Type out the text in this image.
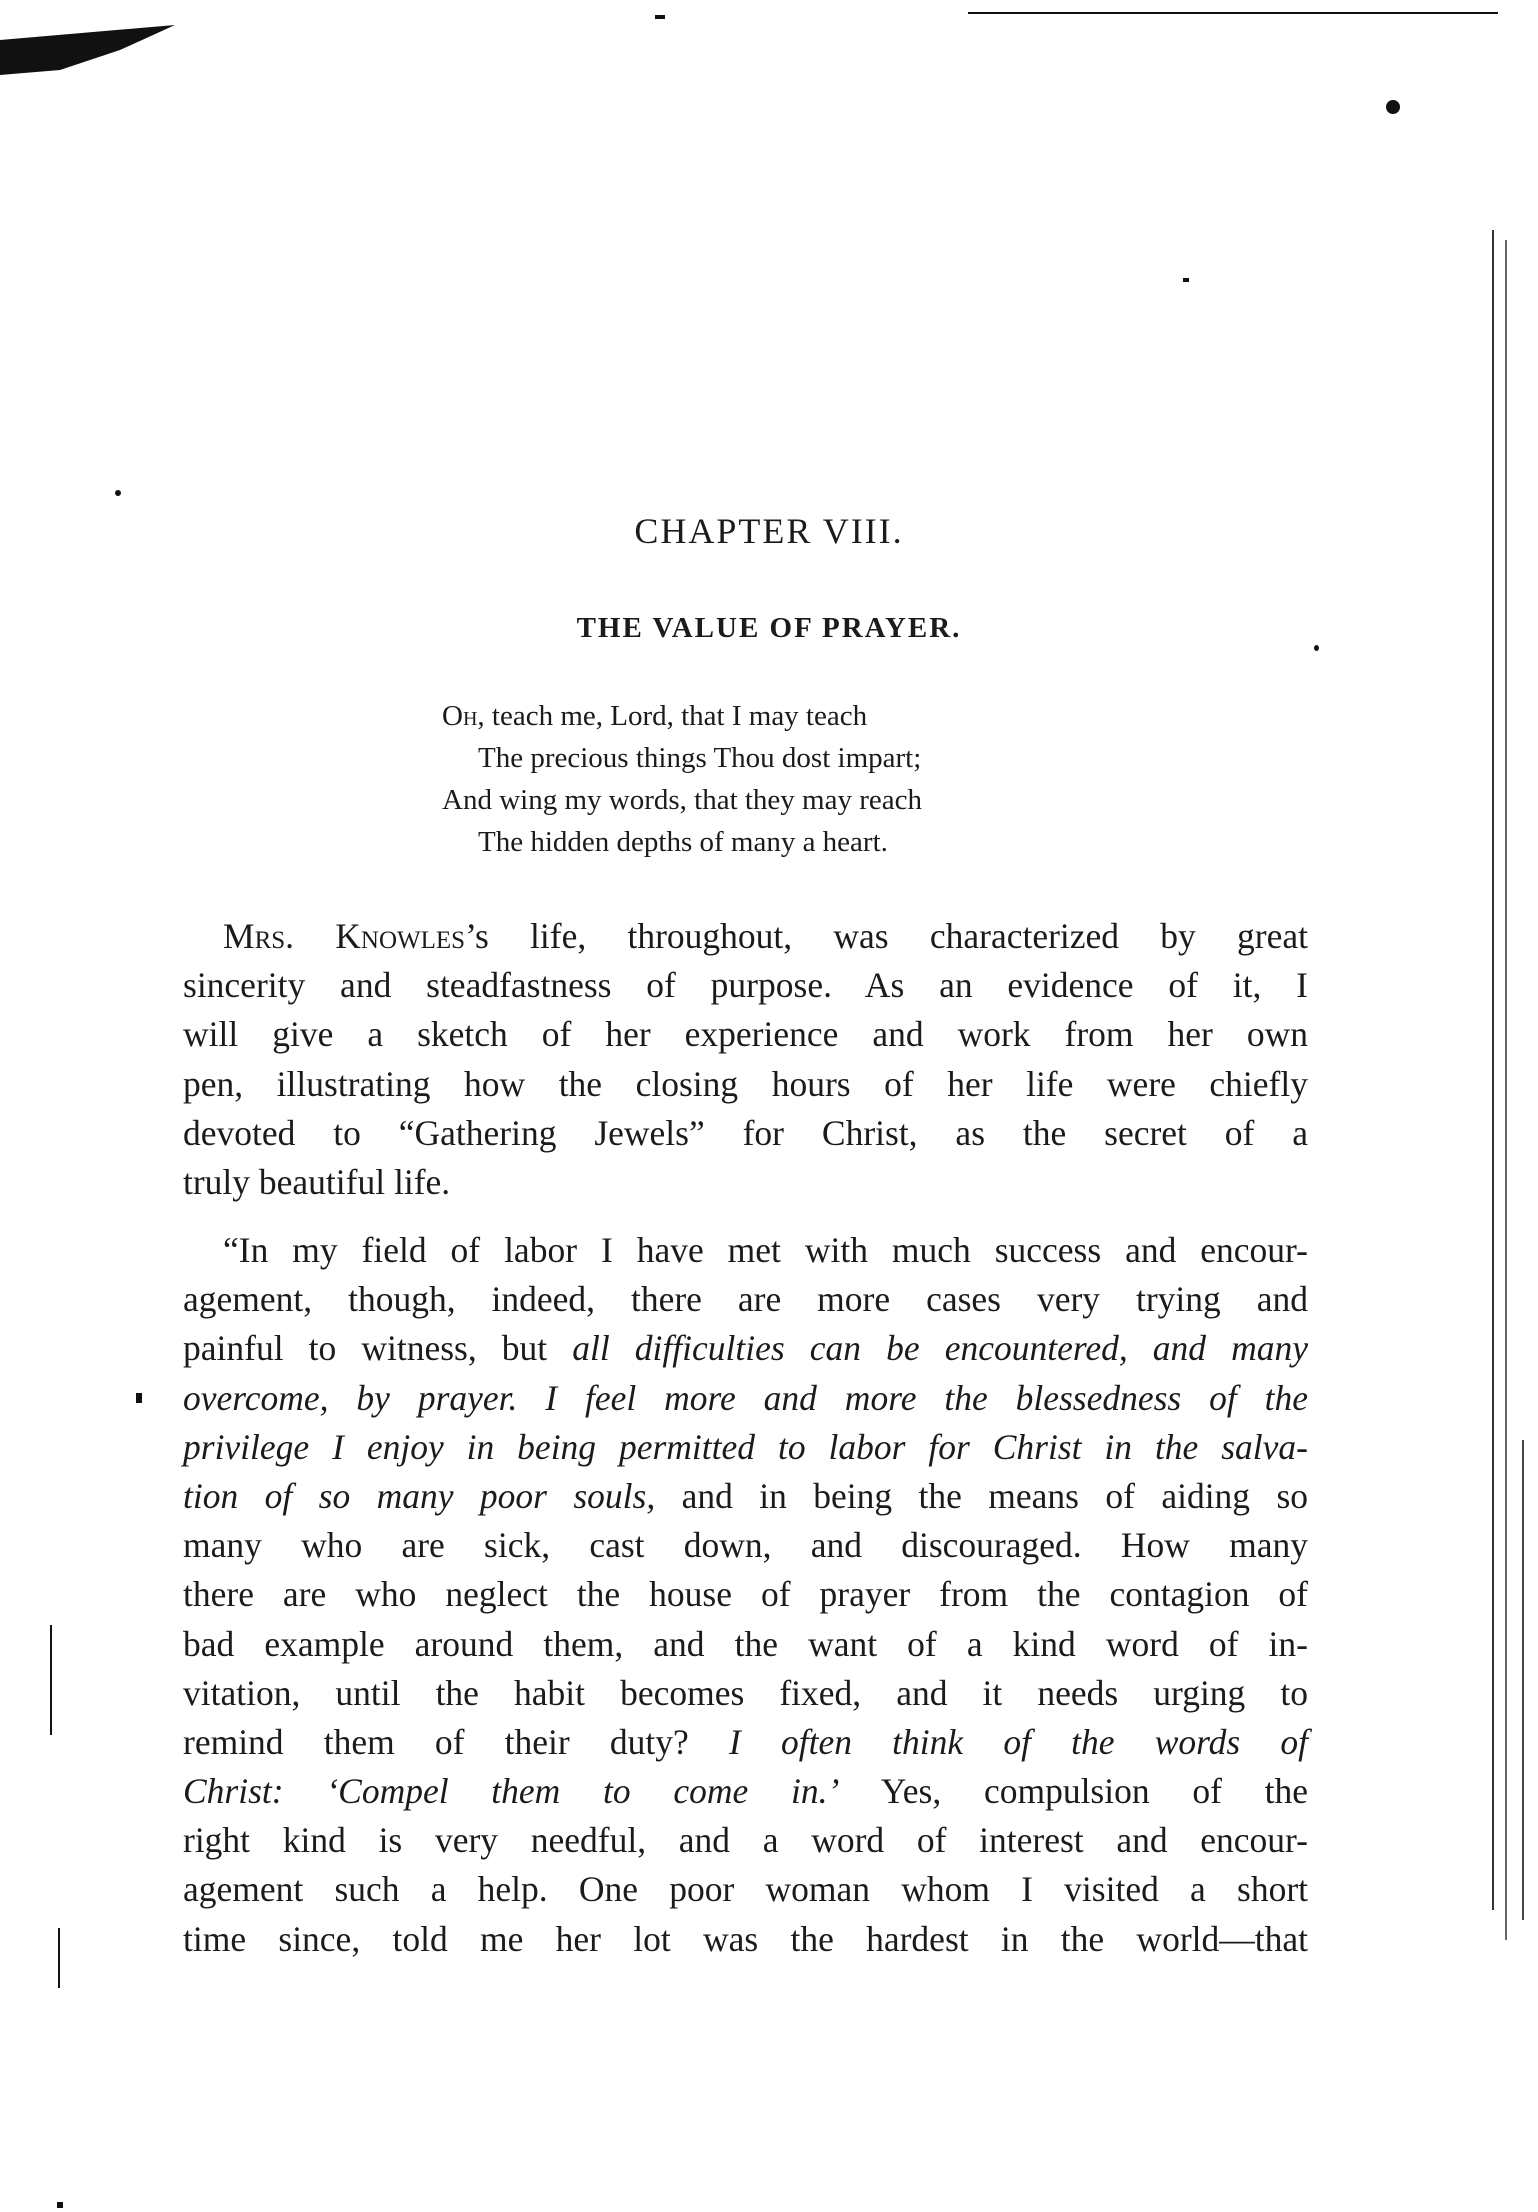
CHAPTER VIII.
THE VALUE OF PRAYER.
Oh, teach me, Lord, that I may teach
The precious things Thou dost impart;
And wing my words, that they may reach
The hidden depths of many a heart.
Mrs. Knowles’s life, throughout, was characterized by great
sincerity and steadfastness of purpose. As an evidence of it, I
will give a sketch of her experience and work from her own
pen, illustrating how the closing hours of her life were chiefly
devoted to “Gathering Jewels” for Christ, as the secret of a
truly beautiful life.
“In my field of labor I have met with much success and encour-
agement, though, indeed, there are more cases very trying and
painful to witness, but all difficulties can be encountered, and many
overcome, by prayer. I feel more and more the blessedness of the
privilege I enjoy in being permitted to labor for Christ in the salva-
tion of so many poor souls, and in being the means of aiding so
many who are sick, cast down, and discouraged. How many
there are who neglect the house of prayer from the contagion of
bad example around them, and the want of a kind word of in-
vitation, until the habit becomes fixed, and it needs urging to
remind them of their duty? I often think of the words of
Christ: ‘Compel them to come in.’ Yes, compulsion of the
right kind is very needful, and a word of interest and encour-
agement such a help. One poor woman whom I visited a short
time since, told me her lot was the hardest in the world—that
